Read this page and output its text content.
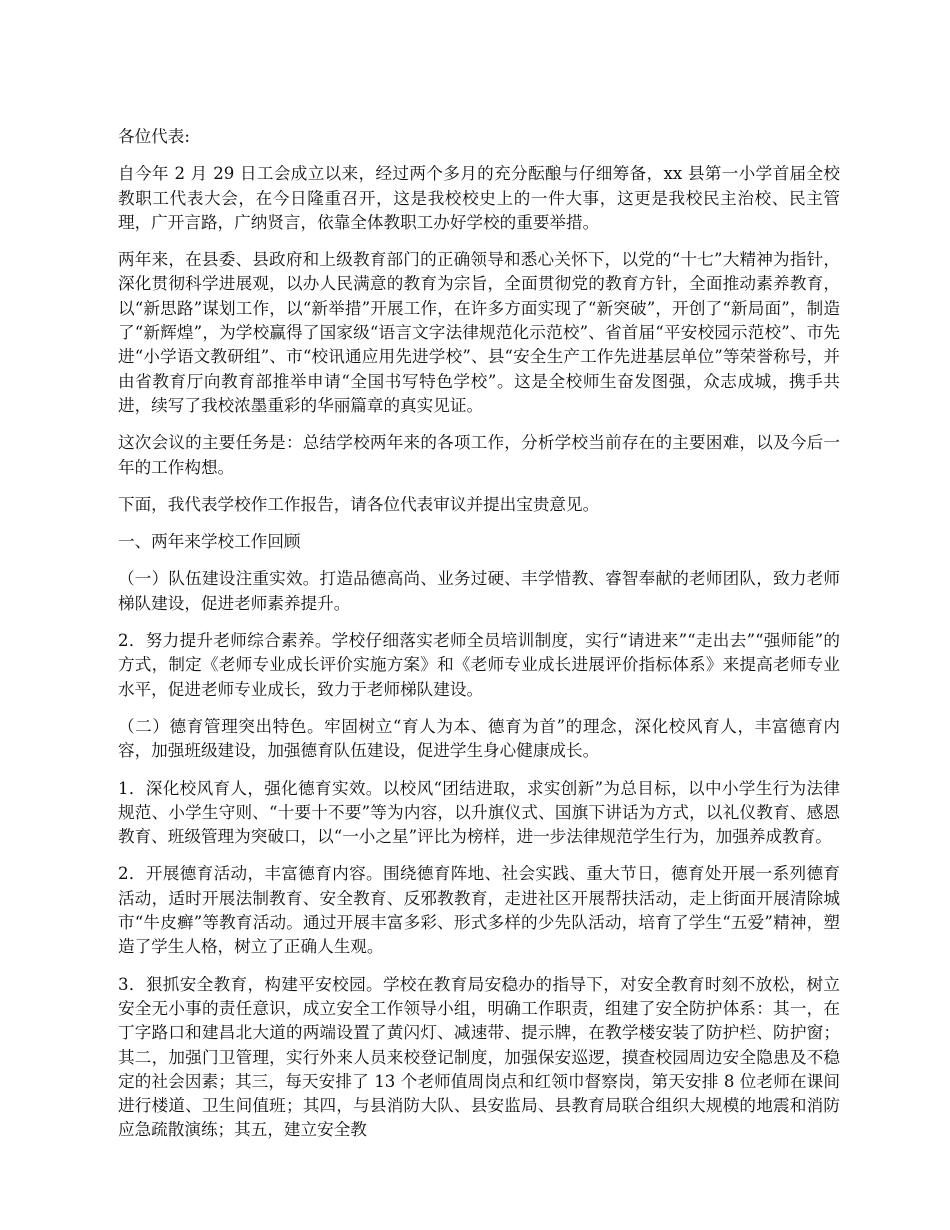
各位代表:

自今年 2 月 29 日工会成立以来，经过两个多月的充分酝酿与仔细筹备，xx 县第一小学首届全校教职工代表大会，在今日隆重召开，这是我校校史上的一件大事，这更是我校民主治校、民主管理，广开言路，广纳贤言，依靠全体教职工办好学校的重要举措。

两年来，在县委、县政府和上级教育部门的正确领导和悉心关怀下，以党的“十七”大精神为指针，深化贯彻科学进展观，以办人民满意的教育为宗旨，全面贯彻党的教育方针，全面推动素养教育，以“新思路”谋划工作，以“新举措”开展工作，在许多方面实现了“新突破”，开创了“新局面”，制造了“新辉煌”，为学校赢得了国家级“语言文字法律规范化示范校”、省首届“平安校园示范校”、市先进“小学语文教研组”、市“校讯通应用先进学校”、县“安全生产工作先进基层单位”等荣誉称号，并由省教育厅向教育部推举申请“全国书写特色学校”。这是全校师生奋发图强，众志成城，携手共进，续写了我校浓墨重彩的华丽篇章的真实见证。

这次会议的主要任务是：总结学校两年来的各项工作，分析学校当前存在的主要困难，以及今后一年的工作构想。

下面，我代表学校作工作报告，请各位代表审议并提出宝贵意见。

一、两年来学校工作回顾

（一）队伍建设注重实效。打造品德高尚、业务过硬、丰学惜教、睿智奉献的老师团队，致力老师梯队建设，促进老师素养提升。

2．努力提升老师综合素养。学校仔细落实老师全员培训制度，实行“请进来”“走出去”“强师能”的方式，制定《老师专业成长评价实施方案》和《老师专业成长进展评价指标体系》来提高老师专业水平，促进老师专业成长，致力于老师梯队建设。

（二）德育管理突出特色。牢固树立“育人为本、德育为首”的理念，深化校风育人，丰富德育内容，加强班级建设，加强德育队伍建设，促进学生身心健康成长。

1．深化校风育人，强化德育实效。以校风“团结进取，求实创新”为总目标，以中小学生行为法律规范、小学生守则、“十要十不要”等为内容，以升旗仪式、国旗下讲话为方式，以礼仪教育、感恩教育、班级管理为突破口，以“一小之星”评比为榜样，进一步法律规范学生行为，加强养成教育。

2．开展德育活动，丰富德育内容。围绕德育阵地、社会实践、重大节日，德育处开展一系列德育活动，适时开展法制教育、安全教育、反邪教教育，走进社区开展帮扶活动，走上街面开展清除城市“牛皮癣”等教育活动。通过开展丰富多彩、形式多样的少先队活动，培育了学生“五爱”精神，塑造了学生人格，树立了正确人生观。

3．狠抓安全教育，构建平安校园。学校在教育局安稳办的指导下，对安全教育时刻不放松，树立安全无小事的责任意识，成立安全工作领导小组，明确工作职责，组建了安全防护体系：其一，在丁字路口和建昌北大道的两端设置了黄闪灯、减速带、提示牌，在教学楼安装了防护栏、防护窗；其二，加强门卫管理，实行外来人员来校登记制度，加强保安巡逻，摸查校园周边安全隐患及不稳定的社会因素；其三，每天安排了 13 个老师值周岗点和红领巾督察岗，第天安排 8 位老师在课间进行楼道、卫生间值班；其四，与县消防大队、县安监局、县教育局联合组织大规模的地震和消防应急疏散演练；其五，建立安全教
